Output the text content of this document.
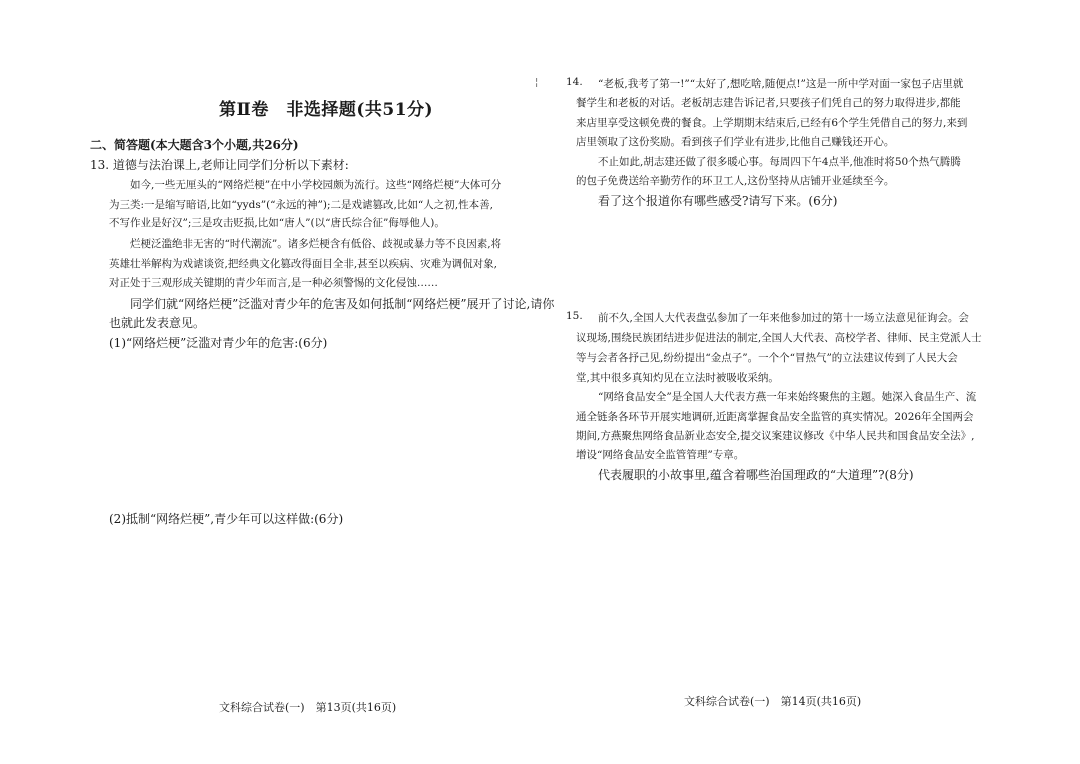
第Ⅱ卷　非选择题(共51分)
二、简答题(本大题含3个小题,共26分)
13. 道德与法治课上,老师让同学们分析以下素材:
如今,一些无厘头的“网络烂梗”在中小学校园颇为流行。这些“网络烂梗”大体可分
为三类:一是缩写暗语,比如“yyds”(“永远的神”);二是戏谑篡改,比如“人之初,性本善,
不写作业是好汉”;三是攻击贬损,比如“唐人”(以“唐氏综合征”侮辱他人)。
烂梗泛滥绝非无害的“时代潮流”。诸多烂梗含有低俗、歧视或暴力等不良因素,将
英雄壮举解构为戏谑谈资,把经典文化篡改得面目全非,甚至以疾病、灾难为调侃对象,
对正处于三观形成关键期的青少年而言,是一种必须警惕的文化侵蚀……
同学们就“网络烂梗”泛滥对青少年的危害及如何抵制“网络烂梗”展开了讨论,请你
也就此发表意见。
(1)“网络烂梗”泛滥对青少年的危害:(6分)
(2)抵制“网络烂梗”,青少年可以这样做:(6分)
文科综合试卷(一)　第13页(共16页)
¦	14. “老板,我考了第一!”“太好了,想吃啥,随便点!”这是一所中学对面一家包子店里就
餐学生和老板的对话。老板胡志建告诉记者,只要孩子们凭自己的努力取得进步,都能
来店里享受这顿免费的餐食。上学期期末结束后,已经有6个学生凭借自己的努力,来到
店里领取了这份奖励。看到孩子们学业有进步,比他自己赚钱还开心。
不止如此,胡志建还做了很多暖心事。每周四下午4点半,他准时将50个热气腾腾
的包子免费送给辛勤劳作的环卫工人,这份坚持从店铺开业延续至今。
看了这个报道你有哪些感受?请写下来。(6分)
15. 前不久,全国人大代表盘弘参加了一年来他参加过的第十一场立法意见征询会。会
议现场,围绕民族团结进步促进法的制定,全国人大代表、高校学者、律师、民主党派人士
等与会者各抒己见,纷纷提出“金点子”。一个个“冒热气”的立法建议传到了人民大会
堂,其中很多真知灼见在立法时被吸收采纳。
“网络食品安全”是全国人大代表方燕一年来始终聚焦的主题。她深入食品生产、流
通全链条各环节开展实地调研,近距离掌握食品安全监管的真实情况。2026年全国两会
期间,方燕聚焦网络食品新业态安全,提交议案建议修改《中华人民共和国食品安全法》,
增设“网络食品安全监管管理”专章。
代表履职的小故事里,蕴含着哪些治国理政的“大道理”?(8分)
文科综合试卷(一)　第14页(共16页)
